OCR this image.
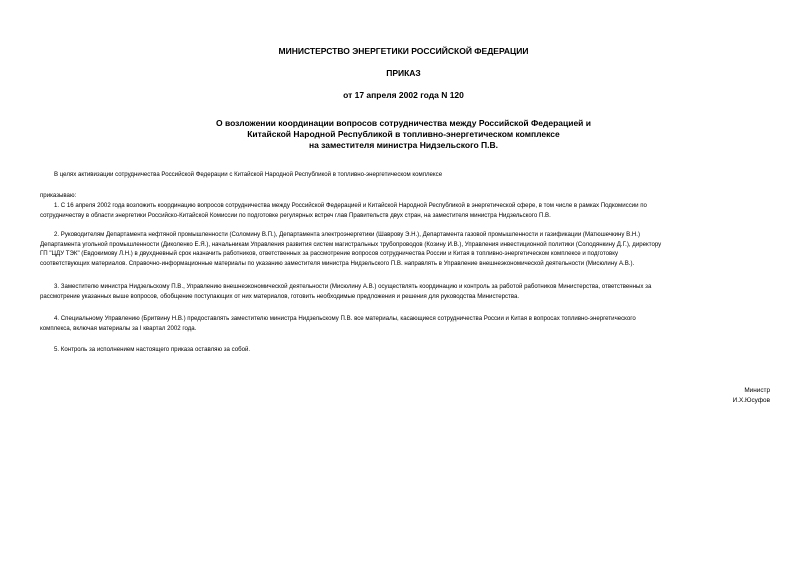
МИНИСТЕРСТВО ЭНЕРГЕТИКИ РОССИЙСКОЙ ФЕДЕРАЦИИ
ПРИКАЗ
от 17 апреля 2002 года N 120
О возложении координации вопросов сотрудничества между Российской Федерацией и
Китайской Народной Республикой в топливно-энергетическом комплексе
на заместителя министра Нидзельского П.В.
В целях активизации сотрудничества Российской Федерации с Китайской Народной Республикой в топливно-энергетическом комплексе
приказываю:
1. С 16 апреля 2002 года возложить координацию вопросов сотрудничества между Российской Федерацией и Китайской Народной Республикой в энергетической сфере, в том числе в рамках Подкомиссии по
сотрудничеству в области энергетики Российско-Китайской Комиссии по подготовке регулярных встреч глав Правительств двух стран, на заместителя министра Нидзельского П.В.
2. Руководителям Департамента нефтяной промышленности (Соломину В.П.), Департамента электроэнергетики (Шаврову Э.Н.), Департамента газовой промышленности и газификации (Матюшечкину В.Н.)
Департамента угольной промышленности (Диколенко Е.Я.), начальникам Управления развития систем магистральных трубопроводов (Козину И.В.), Управления инвестиционной политики (Солодянкину Д.Г.), директору
ГП "ЦДУ ТЭК" (Евдокимову Л.Н.) в двухдневный срок назначить работников, ответственных за рассмотрение вопросов сотрудничества России и Китая в топливно-энергетическом комплексе и подготовку
соответствующих материалов. Справочно-информационные материалы по указанию заместителя министра Нидзельского П.В. направлять в Управление внешнеэкономической деятельности (Мисюлину А.В.).
3. Заместителю министра Нидзельскому П.В., Управлению внешнеэкономической деятельности (Мисюлину А.В.) осуществлять координацию и контроль за работой работников Министерства, ответственных за
рассмотрение указанных выше вопросов, обобщение поступающих от них материалов, готовить необходимые предложения и решения для руководства Министерства.
4. Специальному Управлению (Бритвину Н.В.) предоставлять заместителю министра Нидзельскому П.В. все материалы, касающиеся сотрудничества России и Китая в вопросах топливно-энергетического
комплекса, включая материалы за I квартал 2002 года.
5. Контроль за исполнением настоящего приказа оставляю за собой.
Министр
И.Х.Юсуфов
